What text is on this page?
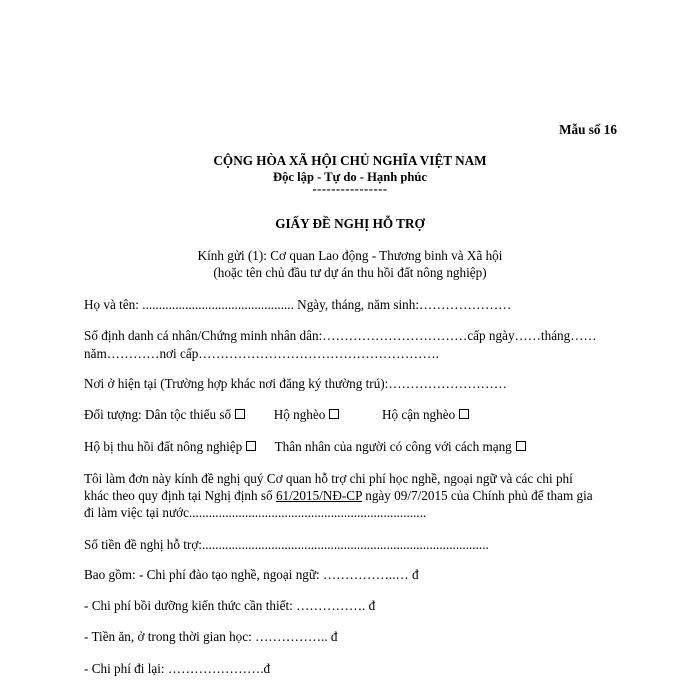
Mẫu số 16
CỘNG HÒA XÃ HỘI CHỦ NGHĨA VIỆT NAM
Độc lập - Tự do - Hạnh phúc
----------------
GIẤY ĐỀ NGHỊ HỖ TRỢ
Kính gửi (1): Cơ quan Lao động - Thương binh và Xã hội
(hoặc tên chủ đầu tư dự án thu hồi đất nông nghiệp)
Họ và tên: .............................................. Ngày, tháng, năm sinh:…………………
Số định danh cá nhân/Chứng minh nhân dân:……………………………cấp ngày……tháng……
năm…………nơi cấp……………………………………………….
Nơi ở hiện tại (Trường hợp khác nơi đăng ký thường trú):………………………
Đối tượng: Dân tộc thiểu số	Hộ nghèo	Hộ cận nghèo
Hộ bị thu hồi đất nông nghiệp Thân nhân của người có công với cách mạng
Tôi làm đơn này kính đề nghị quý Cơ quan hỗ trợ chi phí học nghề, ngoại ngữ và các chi phí
khác theo quy định tại Nghị định số 61/2015/NĐ-CP ngày 09/7/2015 của Chính phủ để tham gia
đi làm việc tại nước........................................................................
Số tiền đề nghị hỗ trợ:.......................................................................................
Bao gồm: - Chi phí đào tạo nghề, ngoại ngữ: ……………..… đ
- Chi phí bồi dưỡng kiến thức cần thiết: ……………. đ
- Tiền ăn, ở trong thời gian học: …………….. đ
- Chi phí đi lại: ………………….đ
